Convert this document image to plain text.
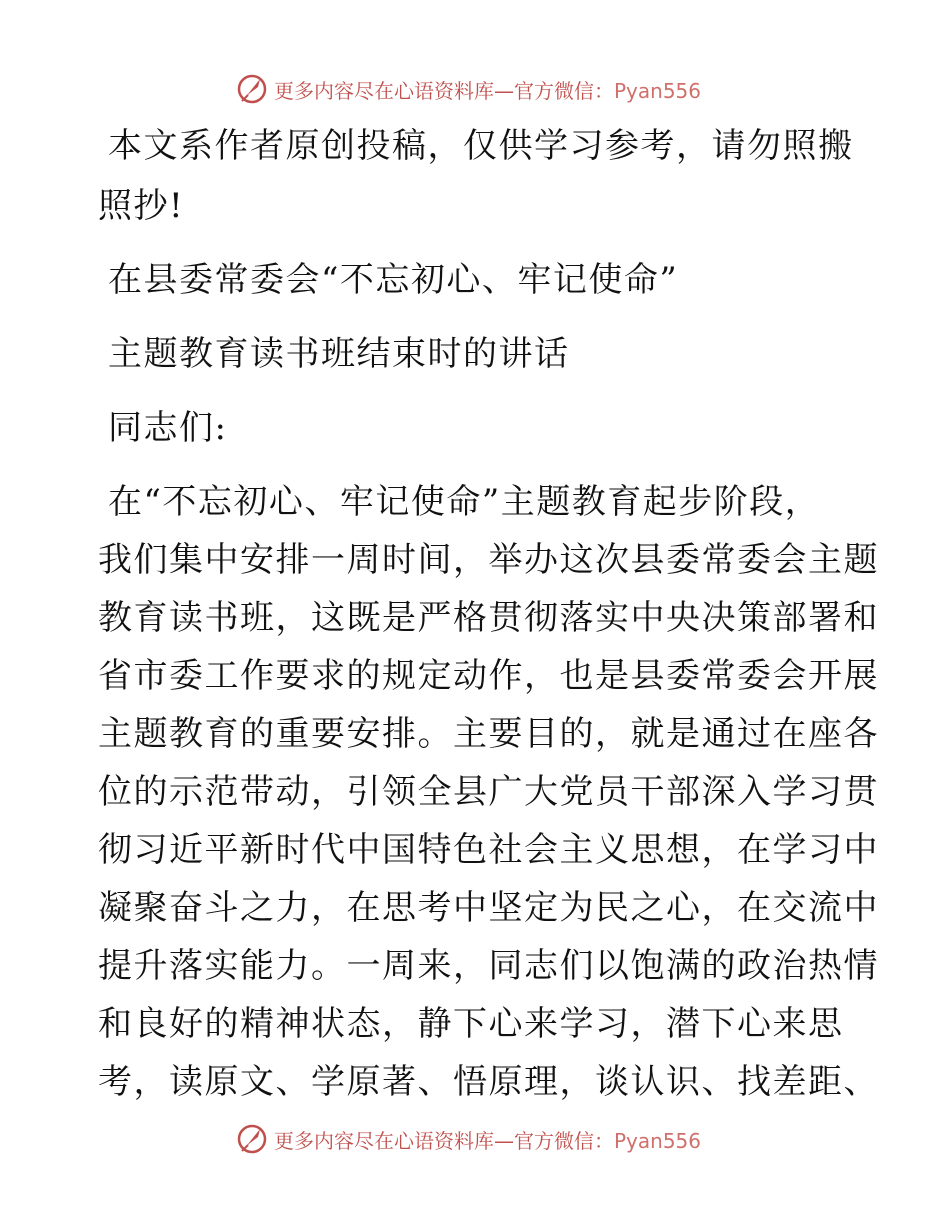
更多内容尽在心语资料库—官方微信：Pyan556
本文系作者原创投稿，仅供学习参考，请勿照搬
照抄!
在县委常委会“不忘初心、牢记使命”
主题教育读书班结束时的讲话
同志们:
在“不忘初心、牢记使命”主题教育起步阶段，
我们集中安排一周时间，举办这次县委常委会主题
教育读书班，这既是严格贯彻落实中央决策部署和
省市委工作要求的规定动作，也是县委常委会开展
主题教育的重要安排。主要目的，就是通过在座各
位的示范带动，引领全县广大党员干部深入学习贯
彻习近平新时代中国特色社会主义思想，在学习中
凝聚奋斗之力，在思考中坚定为民之心，在交流中
提升落实能力。一周来，同志们以饱满的政治热情
和良好的精神状态，静下心来学习，潜下心来思
考，读原文、学原著、悟原理，谈认识、找差距、
更多内容尽在心语资料库—官方微信：Pyan556
